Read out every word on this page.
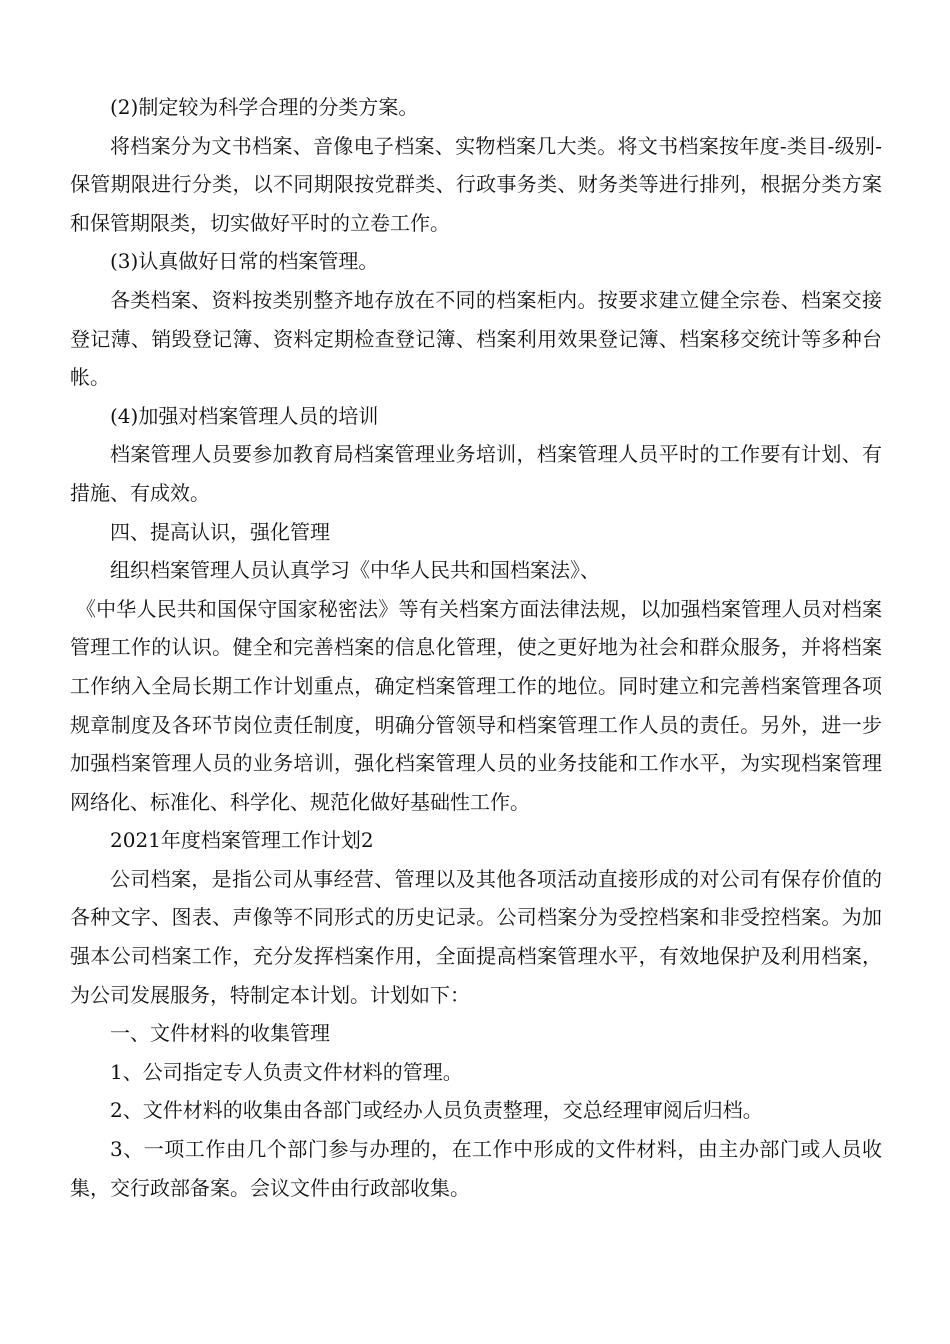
(2)制定较为科学合理的分类方案。

将档案分为文书档案、音像电子档案、实物档案几大类。将文书档案按年度-类目-级别-保管期限进行分类，以不同期限按党群类、行政事务类、财务类等进行排列，根据分类方案和保管期限类，切实做好平时的立卷工作。

(3)认真做好日常的档案管理。

各类档案、资料按类别整齐地存放在不同的档案柜内。按要求建立健全宗卷、档案交接登记薄、销毁登记簿、资料定期检查登记簿、档案利用效果登记簿、档案移交统计等多种台帐。

(4)加强对档案管理人员的培训

档案管理人员要参加教育局档案管理业务培训，档案管理人员平时的工作要有计划、有措施、有成效。

四、提高认识，强化管理

组织档案管理人员认真学习《中华人民共和国档案法》、

《中华人民共和国保守国家秘密法》等有关档案方面法律法规，以加强档案管理人员对档案管理工作的认识。健全和完善档案的信息化管理，使之更好地为社会和群众服务，并将档案工作纳入全局长期工作计划重点，确定档案管理工作的地位。同时建立和完善档案管理各项规章制度及各环节岗位责任制度，明确分管领导和档案管理工作人员的责任。另外，进一步加强档案管理人员的业务培训，强化档案管理人员的业务技能和工作水平，为实现档案管理网络化、标准化、科学化、规范化做好基础性工作。

2021年度档案管理工作计划2

公司档案，是指公司从事经营、管理以及其他各项活动直接形成的对公司有保存价值的各种文字、图表、声像等不同形式的历史记录。公司档案分为受控档案和非受控档案。为加强本公司档案工作，充分发挥档案作用，全面提高档案管理水平，有效地保护及利用档案，为公司发展服务，特制定本计划。计划如下：

一、文件材料的收集管理

1、公司指定专人负责文件材料的管理。

2、文件材料的收集由各部门或经办人员负责整理，交总经理审阅后归档。

3、一项工作由几个部门参与办理的，在工作中形成的文件材料，由主办部门或人员收集，交行政部备案。会议文件由行政部收集。
